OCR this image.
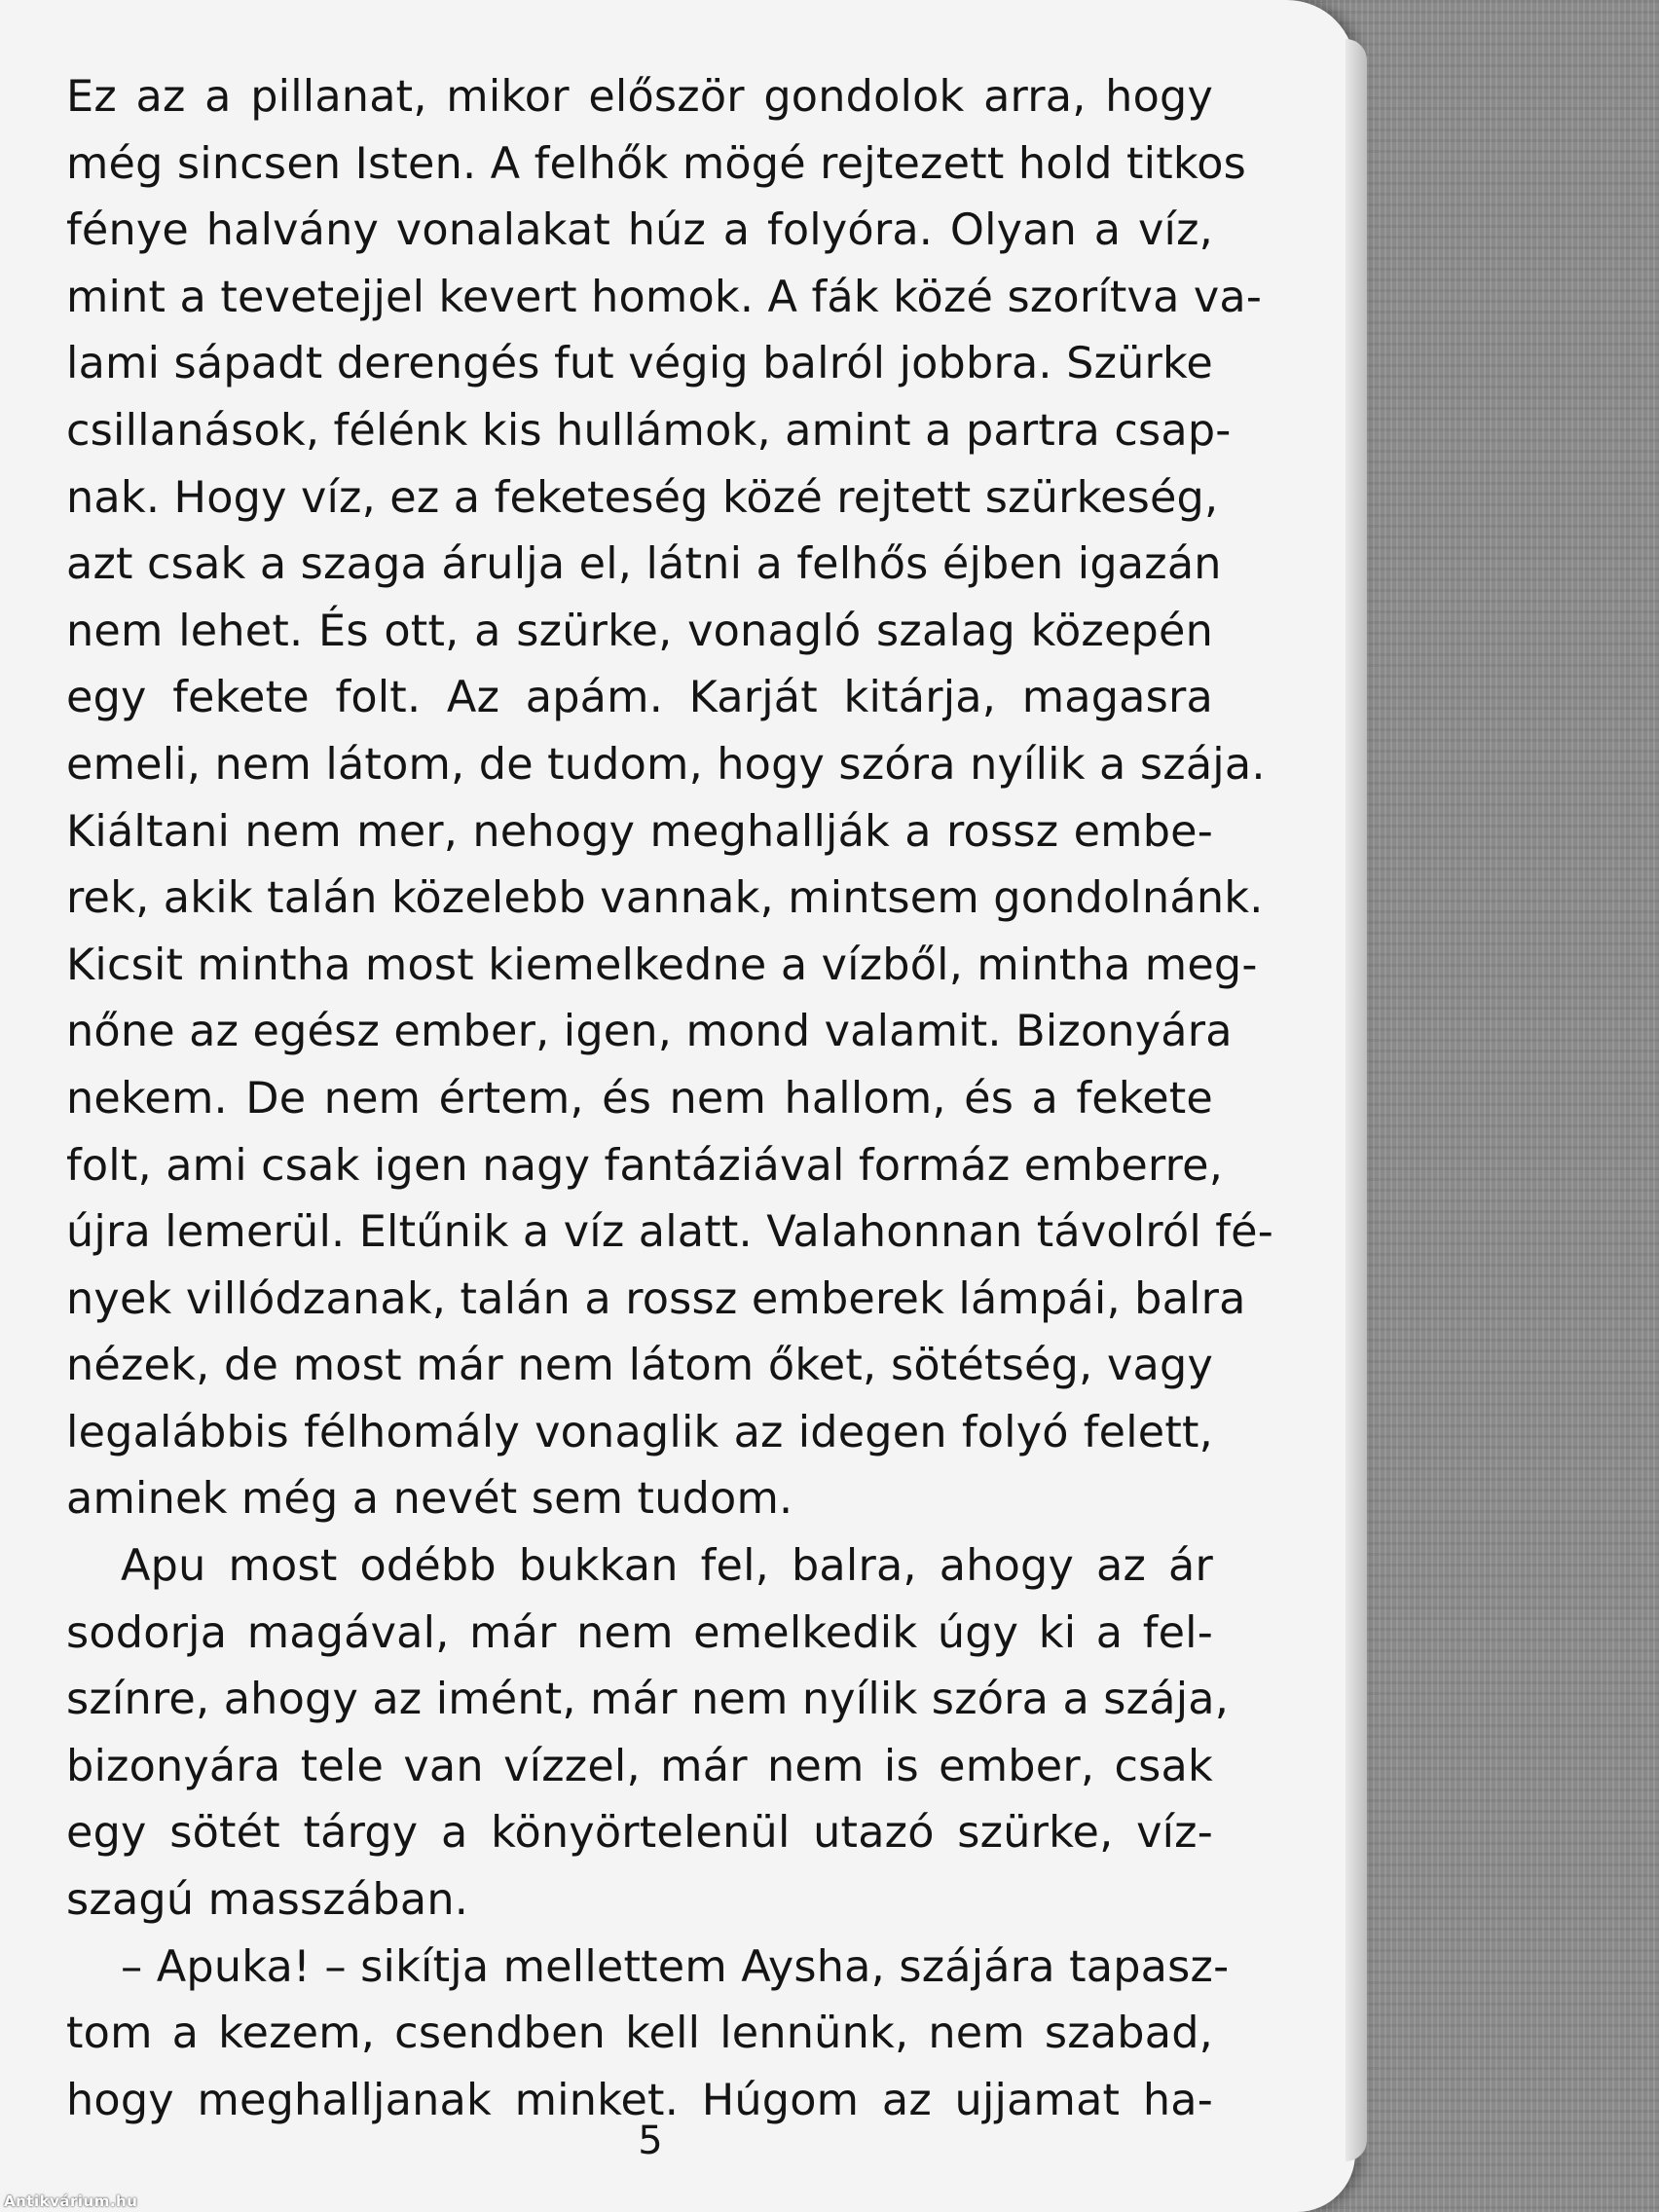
Ez az a pillanat, mikor először gondolok arra, hogy
még sincsen Isten. A felhők mögé rejtezett hold titkos
fénye halvány vonalakat húz a folyóra. Olyan a víz,
mint a tevetejjel kevert homok. A fák közé szorítva va-
lami sápadt derengés fut végig balról jobbra. Szürke
csillanások, félénk kis hullámok, amint a partra csap-
nak. Hogy víz, ez a feketeség közé rejtett szürkeség,
azt csak a szaga árulja el, látni a felhős éjben igazán
nem lehet. És ott, a szürke, vonagló szalag közepén
egy fekete folt. Az apám. Karját kitárja, magasra
emeli, nem látom, de tudom, hogy szóra nyílik a szája.
Kiáltani nem mer, nehogy meghallják a rossz embe-
rek, akik talán közelebb vannak, mintsem gondolnánk.
Kicsit mintha most kiemelkedne a vízből, mintha meg-
nőne az egész ember, igen, mond valamit. Bizonyára
nekem. De nem értem, és nem hallom, és a fekete
folt, ami csak igen nagy fantáziával formáz emberre,
újra lemerül. Eltűnik a víz alatt. Valahonnan távolról fé-
nyek villódzanak, talán a rossz emberek lámpái, balra
nézek, de most már nem látom őket, sötétség, vagy
legalábbis félhomály vonaglik az idegen folyó felett,
aminek még a nevét sem tudom.
Apu most odébb bukkan fel, balra, ahogy az ár
sodorja magával, már nem emelkedik úgy ki a fel-
színre, ahogy az imént, már nem nyílik szóra a szája,
bizonyára tele van vízzel, már nem is ember, csak
egy sötét tárgy a könyörtelenül utazó szürke, víz-
szagú masszában.
– Apuka! – sikítja mellettem Aysha, szájára tapasz-
tom a kezem, csendben kell lennünk, nem szabad,
hogy meghalljanak minket. Húgom az ujjamat ha-
5
Antikvárium.hu
